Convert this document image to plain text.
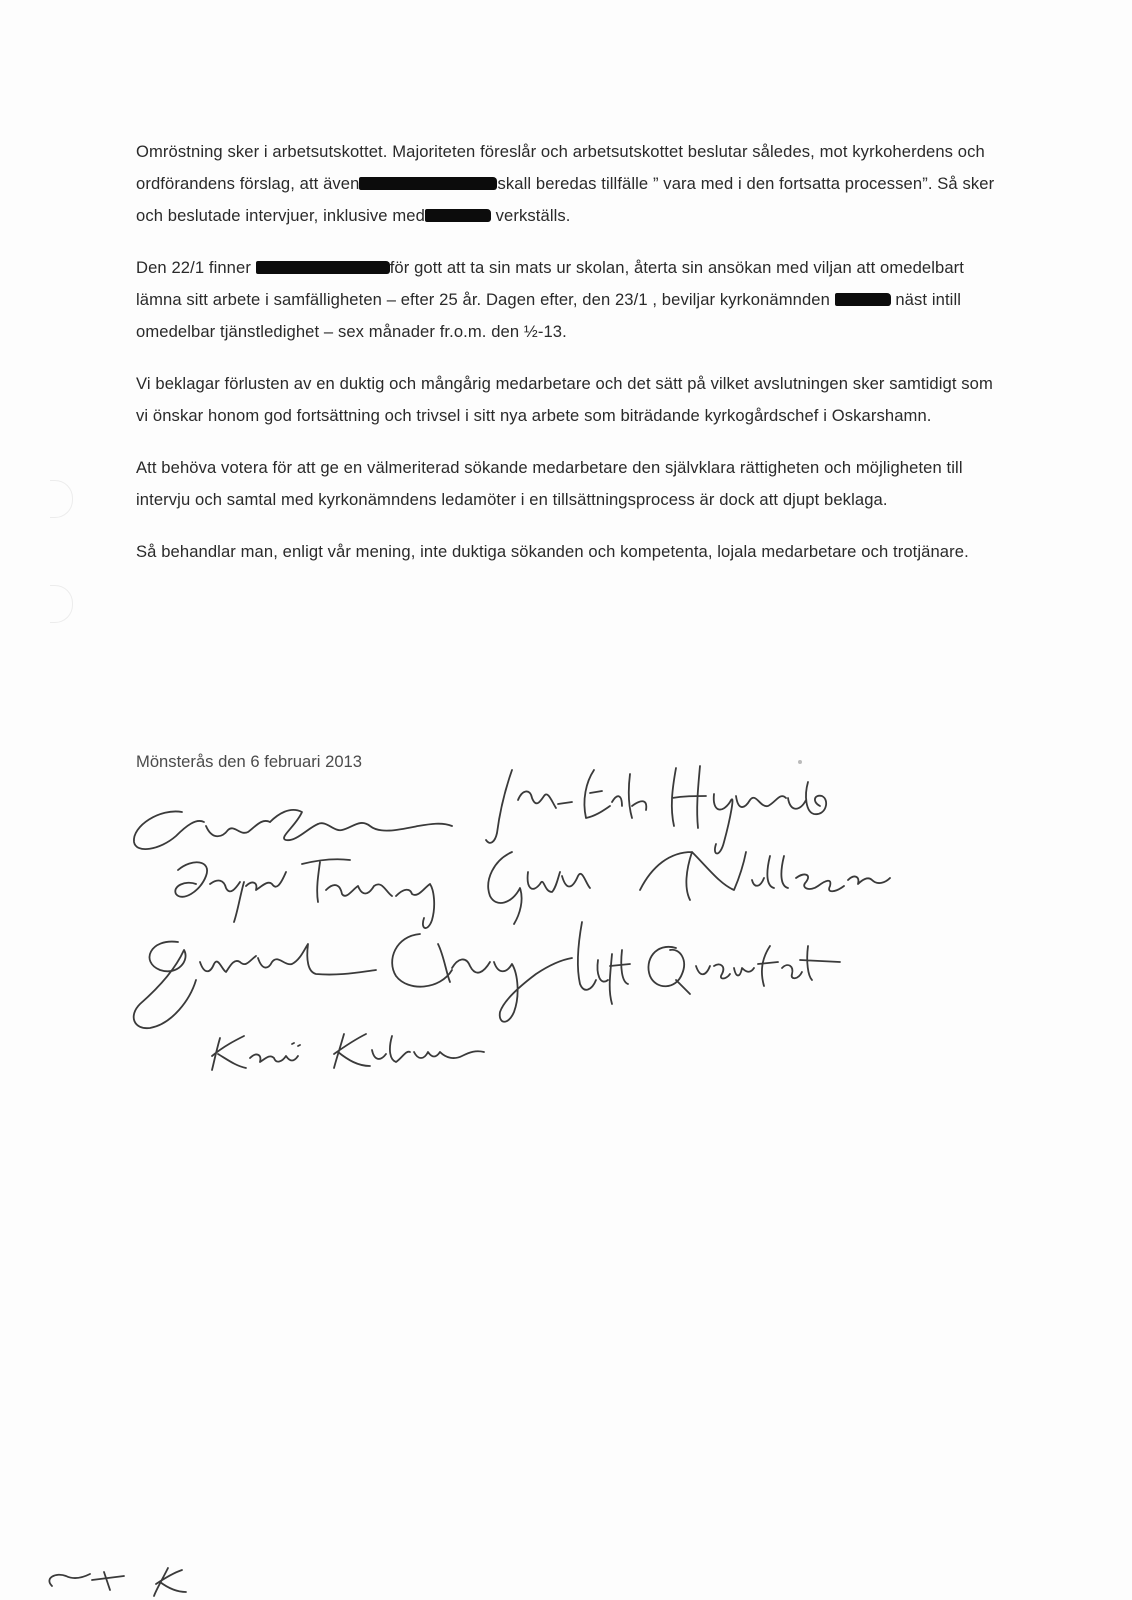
Omröstning sker i arbetsutskottet. Majoriteten föreslår och arbetsutskottet beslutar således, mot kyrkoherdens och ordförandens förslag, att även	skall beredas tillfälle ” vara med i den fortsatta processen”. Så sker och beslutade intervjuer, inklusive med	verkställs.

Den 22/1 finner	för gott att ta sin mats ur skolan, återta sin ansökan med viljan att omedelbart lämna sitt arbete i samfälligheten – efter 25 år. Dagen efter, den 23/1 , beviljar kyrkonämnden	näst intill omedelbar tjänstledighet – sex månader fr.o.m. den ½-13.

Vi beklagar förlusten av en duktig och mångårig medarbetare och det sätt på vilket avslutningen sker samtidigt som vi önskar honom god fortsättning och trivsel i sitt nya arbete som biträdande kyrkogårdschef i Oskarshamn.

Att behöva votera för att ge en välmeriterad sökande medarbetare den självklara rättigheten och möjligheten till intervju och samtal med kyrkonämndens ledamöter i en tillsättningsprocess är dock att djupt beklaga.

Så behandlar man, enligt vår mening, inte duktiga sökanden och kompetenta, lojala medarbetare och trotjänare.

Mönsterås den 6 februari 2013
